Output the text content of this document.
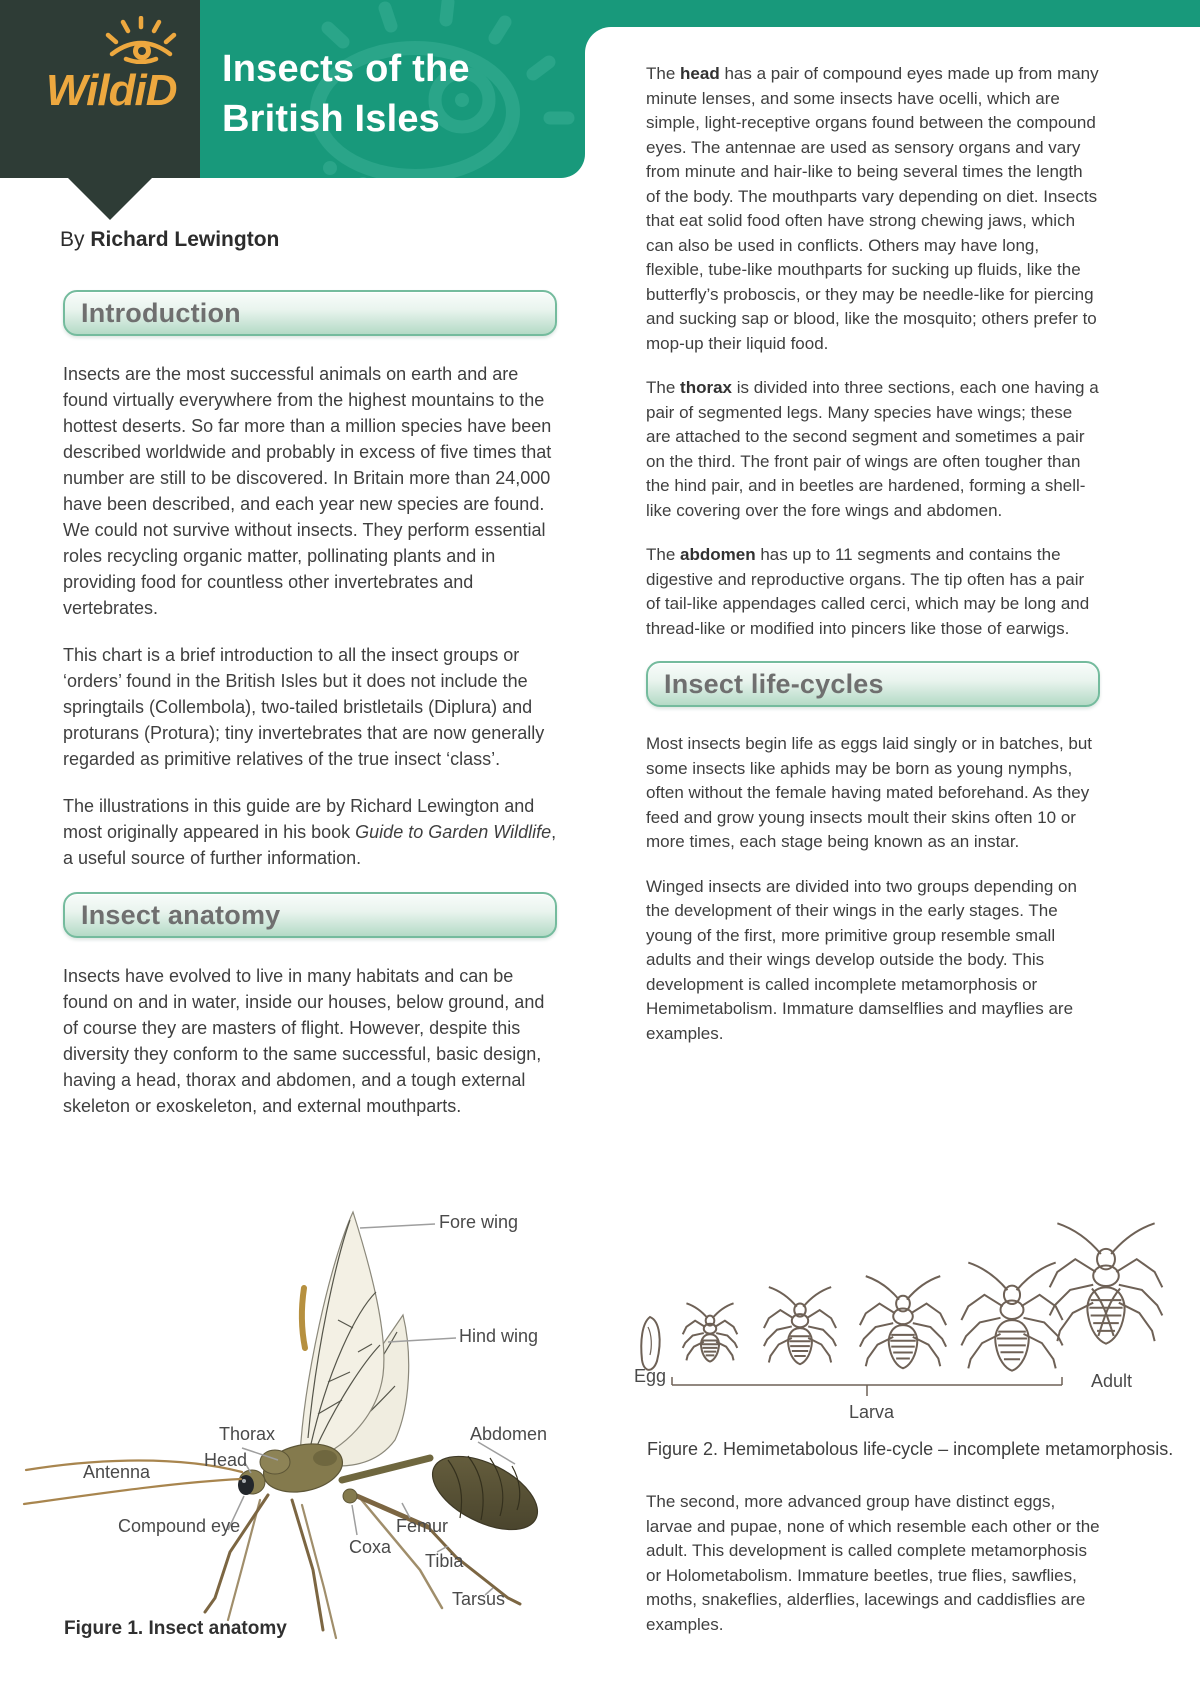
Insects of the British Isles
WildiD
By Richard Lewington
Introduction

Insects are the most successful animals on earth and are found virtually everywhere from the highest mountains to the hottest deserts. So far more than a million species have been described worldwide and probably in excess of five times that number are still to be discovered. In Britain more than 24,000 have been described, and each year new species are found. We could not survive without insects. They perform essential roles recycling organic matter, pollinating plants and in providing food for countless other invertebrates and vertebrates.

This chart is a brief introduction to all the insect groups or ‘orders’ found in the British Isles but it does not include the springtails (Collembola), two-tailed bristletails (Diplura) and proturans (Protura); tiny invertebrates that are now generally regarded as primitive relatives of the true insect ‘class’.

The illustrations in this guide are by Richard Lewington and most originally appeared in his book Guide to Garden Wildlife, a useful source of further information.

Insect anatomy

Insects have evolved to live in many habitats and can be found on and in water, inside our houses, below ground, and of course they are masters of flight. However, despite this diversity they conform to the same successful, basic design, having a head, thorax and abdomen, and a tough external skeleton or exoskeleton, and external mouthparts.

The head has a pair of compound eyes made up from many minute lenses, and some insects have ocelli, which are simple, light-receptive organs found between the compound eyes. The antennae are used as sensory organs and vary from minute and hair-like to being several times the length of the body. The mouthparts vary depending on diet. Insects that eat solid food often have strong chewing jaws, which can also be used in conflicts. Others may have long, flexible, tube-like mouthparts for sucking up fluids, like the butterfly’s proboscis, or they may be needle-like for piercing and sucking sap or blood, like the mosquito; others prefer to mop-up their liquid food.

The thorax is divided into three sections, each one having a pair of segmented legs. Many species have wings; these are attached to the second segment and sometimes a pair on the third. The front pair of wings are often tougher than the hind pair, and in beetles are hardened, forming a shell-like covering over the fore wings and abdomen.

The abdomen has up to 11 segments and contains the digestive and reproductive organs. The tip often has a pair of tail-like appendages called cerci, which may be long and thread-like or modified into pincers like those of earwigs.

Insect life-cycles

Most insects begin life as eggs laid singly or in batches, but some insects like aphids may be born as young nymphs, often without the female having mated beforehand. As they feed and grow young insects moult their skins often 10 or more times, each stage being known as an instar.

Winged insects are divided into two groups depending on the development of their wings in the early stages. The young of the first, more primitive group resemble small adults and their wings develop outside the body. This development is called incomplete metamorphosis or Hemimetabolism. Immature damselflies and mayflies are examples.

Fore wing
Hind wing
Thorax
Head
Antenna
Compound eye
Coxa
Femur
Tibia
Tarsus
Abdomen
Figure 1. Insect anatomy
Egg
Larva
Adult
Figure 2. Hemimetabolous life-cycle – incomplete metamorphosis.

The second, more advanced group have distinct eggs, larvae and pupae, none of which resemble each other or the adult. This development is called complete metamorphosis or Holometabolism. Immature beetles, true flies, sawflies, moths, snakeflies, alderflies, lacewings and caddisflies are examples.
